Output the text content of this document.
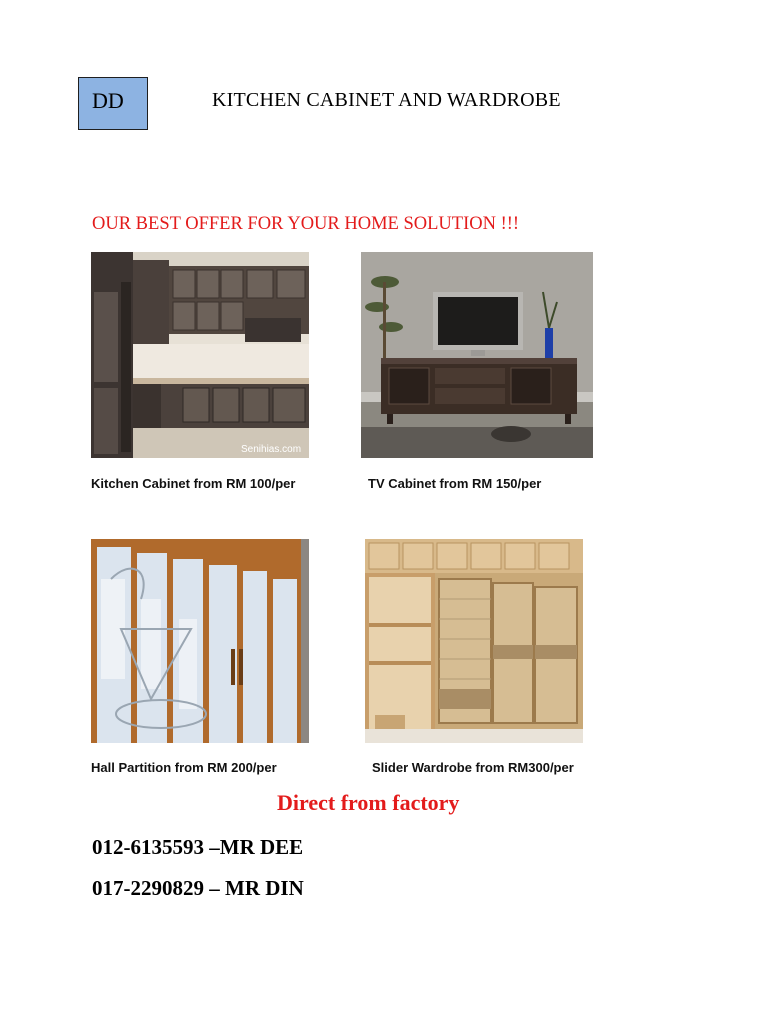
DD	KITCHEN CABINET AND WARDROBE
OUR BEST OFFER FOR YOUR HOME SOLUTION !!!
Senihias.com
Kitchen Cabinet from RM 100/per	TV Cabinet from RM 150/per
Hall Partition from RM 200/per	Slider Wardrobe from RM300/per
Direct from factory
012-6135593 –MR DEE
017-2290829 – MR DIN
